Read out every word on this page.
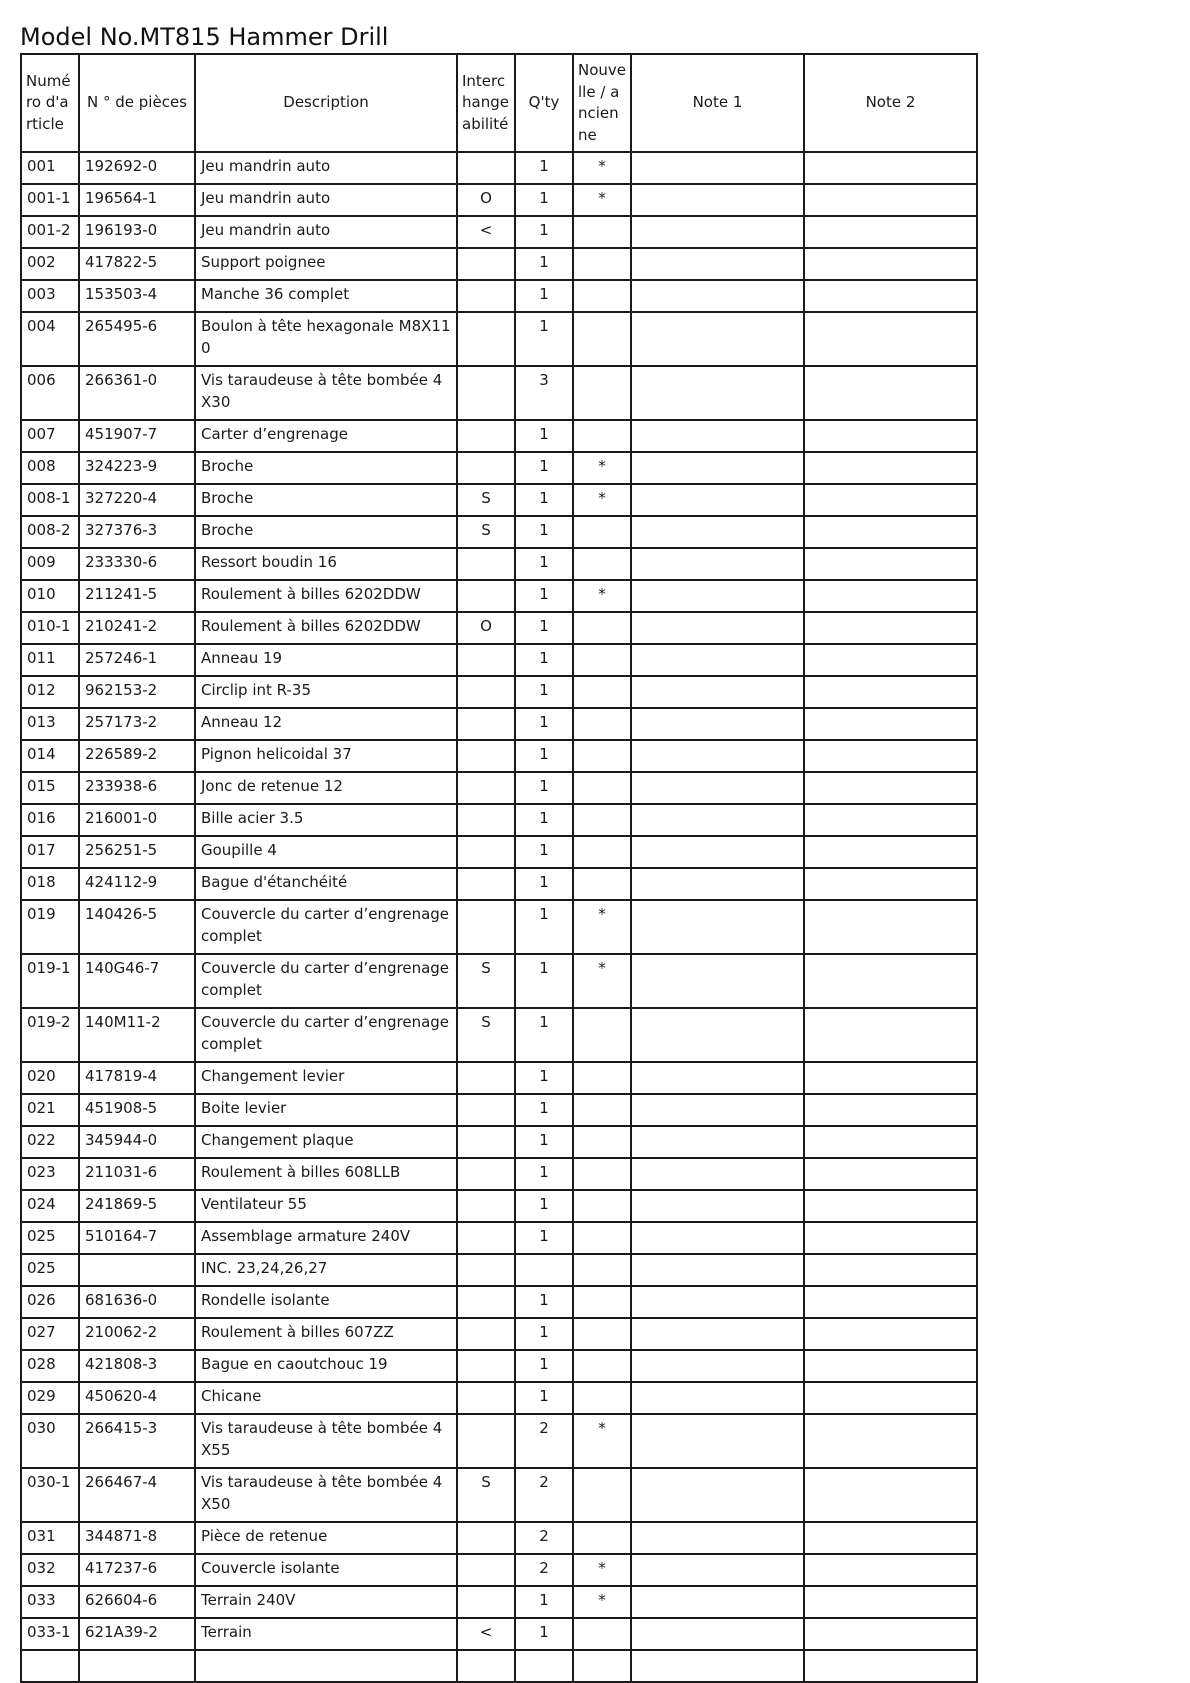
Model No.MT815 Hammer Drill
Numéro d'article	N ° de pièces	Description	Interchangeabilité	Q'ty	Nouvelle / ancienne	Note 1	Note 2
001	192692-0	Jeu mandrin auto		1	*		
001-1	196564-1	Jeu mandrin auto	O	1	*		
001-2	196193-0	Jeu mandrin auto	<	1			
002	417822-5	Support poignee		1			
003	153503-4	Manche 36 complet		1			
004	265495-6	Boulon à tête hexagonale M8X110		1			
006	266361-0	Vis taraudeuse à tête bombée 4X30		3			
007	451907-7	Carter d’engrenage		1			
008	324223-9	Broche		1	*		
008-1	327220-4	Broche	S	1	*		
008-2	327376-3	Broche	S	1			
009	233330-6	Ressort boudin 16		1			
010	211241-5	Roulement à billes 6202DDW		1	*		
010-1	210241-2	Roulement à billes 6202DDW	O	1			
011	257246-1	Anneau 19		1			
012	962153-2	Circlip int R-35		1			
013	257173-2	Anneau 12		1			
014	226589-2	Pignon helicoidal 37		1			
015	233938-6	Jonc de retenue 12		1			
016	216001-0	Bille acier 3.5		1			
017	256251-5	Goupille 4		1			
018	424112-9	Bague d'étanchéité		1			
019	140426-5	Couvercle du carter d’engrenage complet		1	*		
019-1	140G46-7	Couvercle du carter d’engrenage complet	S	1	*		
019-2	140M11-2	Couvercle du carter d’engrenage complet	S	1			
020	417819-4	Changement levier		1			
021	451908-5	Boite levier		1			
022	345944-0	Changement plaque		1			
023	211031-6	Roulement à billes 608LLB		1			
024	241869-5	Ventilateur 55		1			
025	510164-7	Assemblage armature 240V		1			
025		INC. 23,24,26,27					
026	681636-0	Rondelle isolante		1			
027	210062-2	Roulement à billes 607ZZ		1			
028	421808-3	Bague en caoutchouc 19		1			
029	450620-4	Chicane		1			
030	266415-3	Vis taraudeuse à tête bombée 4X55		2	*		
030-1	266467-4	Vis taraudeuse à tête bombée 4X50	S	2			
031	344871-8	Pièce de retenue		2			
032	417237-6	Couvercle isolante		2	*		
033	626604-6	Terrain 240V		1	*		
033-1	621A39-2	Terrain	<	1			
